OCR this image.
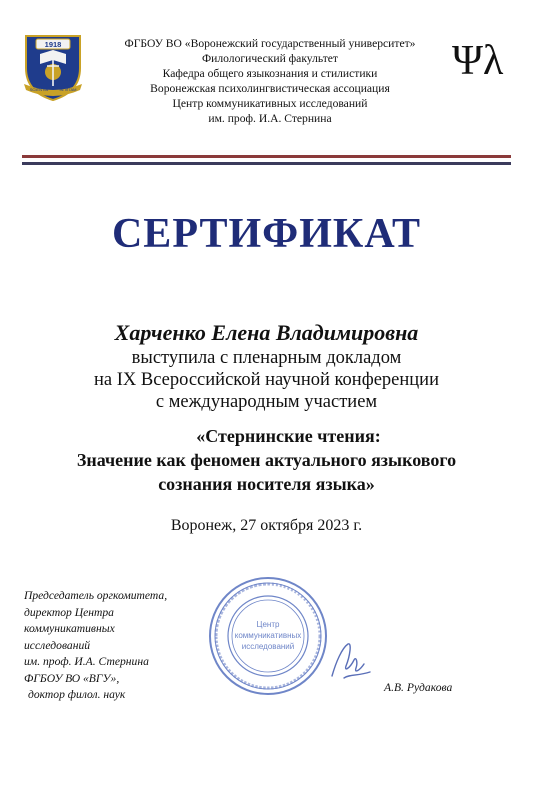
1918
SCIENTIA	IN VITAM
ФГБОУ ВО «Воронежский государственный университет»
Филологический факультет
Кафедра общего языкознания и стилистики
Воронежская психолингвистическая ассоциация
Центр коммуникативных исследований
им. проф. И.А. Стернина
Ψλ
СЕРТИФИКАТ
Харченко Елена Владимировна
выступила с пленарным докладом
на IX Всероссийской научной конференции
с международным участием
«Стернинские чтения:
Значение как феномен актуального языкового
сознания носителя языка»
Воронеж, 27 октября 2023 г.
Председатель оргкомитета,
директор Центра
коммуникативных
исследований
им. проф. И.А. Стернина
ФГБОУ ВО «ВГУ»,
доктор филол. наук
Центр
коммуникативных
исследований
А.В. Рудакова
